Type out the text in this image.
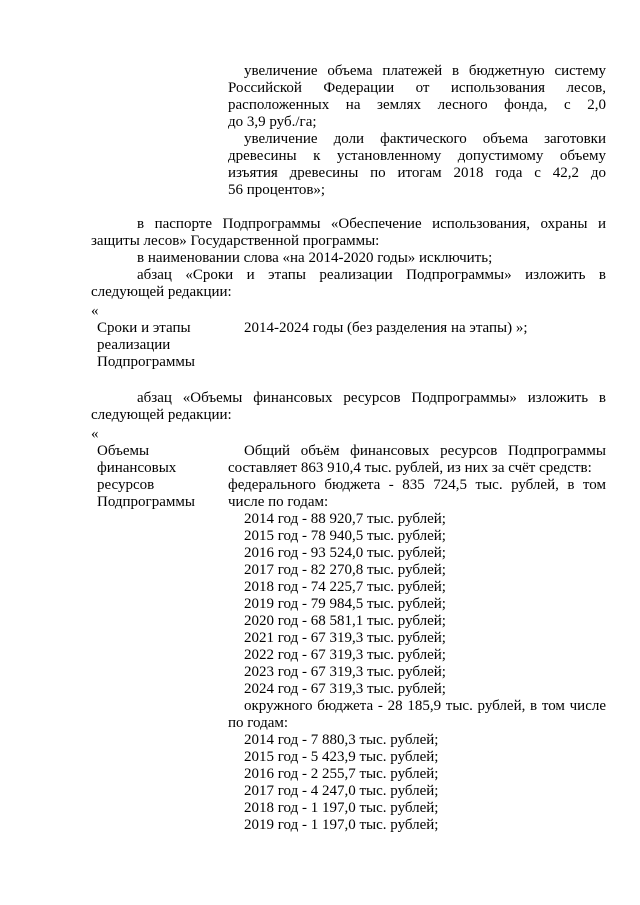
увеличение объема платежей в бюджетную систему
Российской Федерации от использования лесов,
расположенных на землях лесного фонда, с 2,0
до 3,9 руб./га;
увеличение доли фактического объема заготовки
древесины к установленному допустимому объему
изъятия древесины по итогам 2018 года с 42,2 до
56 процентов»;
в паспорте Подпрограммы «Обеспечение использования, охраны и
защиты лесов» Государственной программы:
в наименовании слова «на 2014-2020 годы» исключить;
абзац «Сроки и этапы реализации Подпрограммы» изложить в
следующей редакции:
«
Сроки и этапы
реализации
Подпрограммы
2014-2024 годы (без разделения на этапы) »;
абзац «Объемы финансовых ресурсов Подпрограммы» изложить в
следующей редакции:
«
Объемы
финансовых
ресурсов
Подпрограммы
Общий объём финансовых ресурсов Подпрограммы
составляет 863 910,4 тыс. рублей, из них за счёт средств:
федерального бюджета - 835 724,5 тыс. рублей, в том
числе по годам:
2014 год - 88 920,7 тыс. рублей;
2015 год - 78 940,5 тыс. рублей;
2016 год - 93 524,0 тыс. рублей;
2017 год - 82 270,8 тыс. рублей;
2018 год - 74 225,7 тыс. рублей;
2019 год - 79 984,5 тыс. рублей;
2020 год - 68 581,1 тыс. рублей;
2021 год - 67 319,3 тыс. рублей;
2022 год - 67 319,3 тыс. рублей;
2023 год - 67 319,3 тыс. рублей;
2024 год - 67 319,3 тыс. рублей;
окружного бюджета - 28 185,9 тыс. рублей, в том числе
по годам:
2014 год - 7 880,3 тыс. рублей;
2015 год - 5 423,9 тыс. рублей;
2016 год - 2 255,7 тыс. рублей;
2017 год - 4 247,0 тыс. рублей;
2018 год - 1 197,0 тыс. рублей;
2019 год - 1 197,0 тыс. рублей;
